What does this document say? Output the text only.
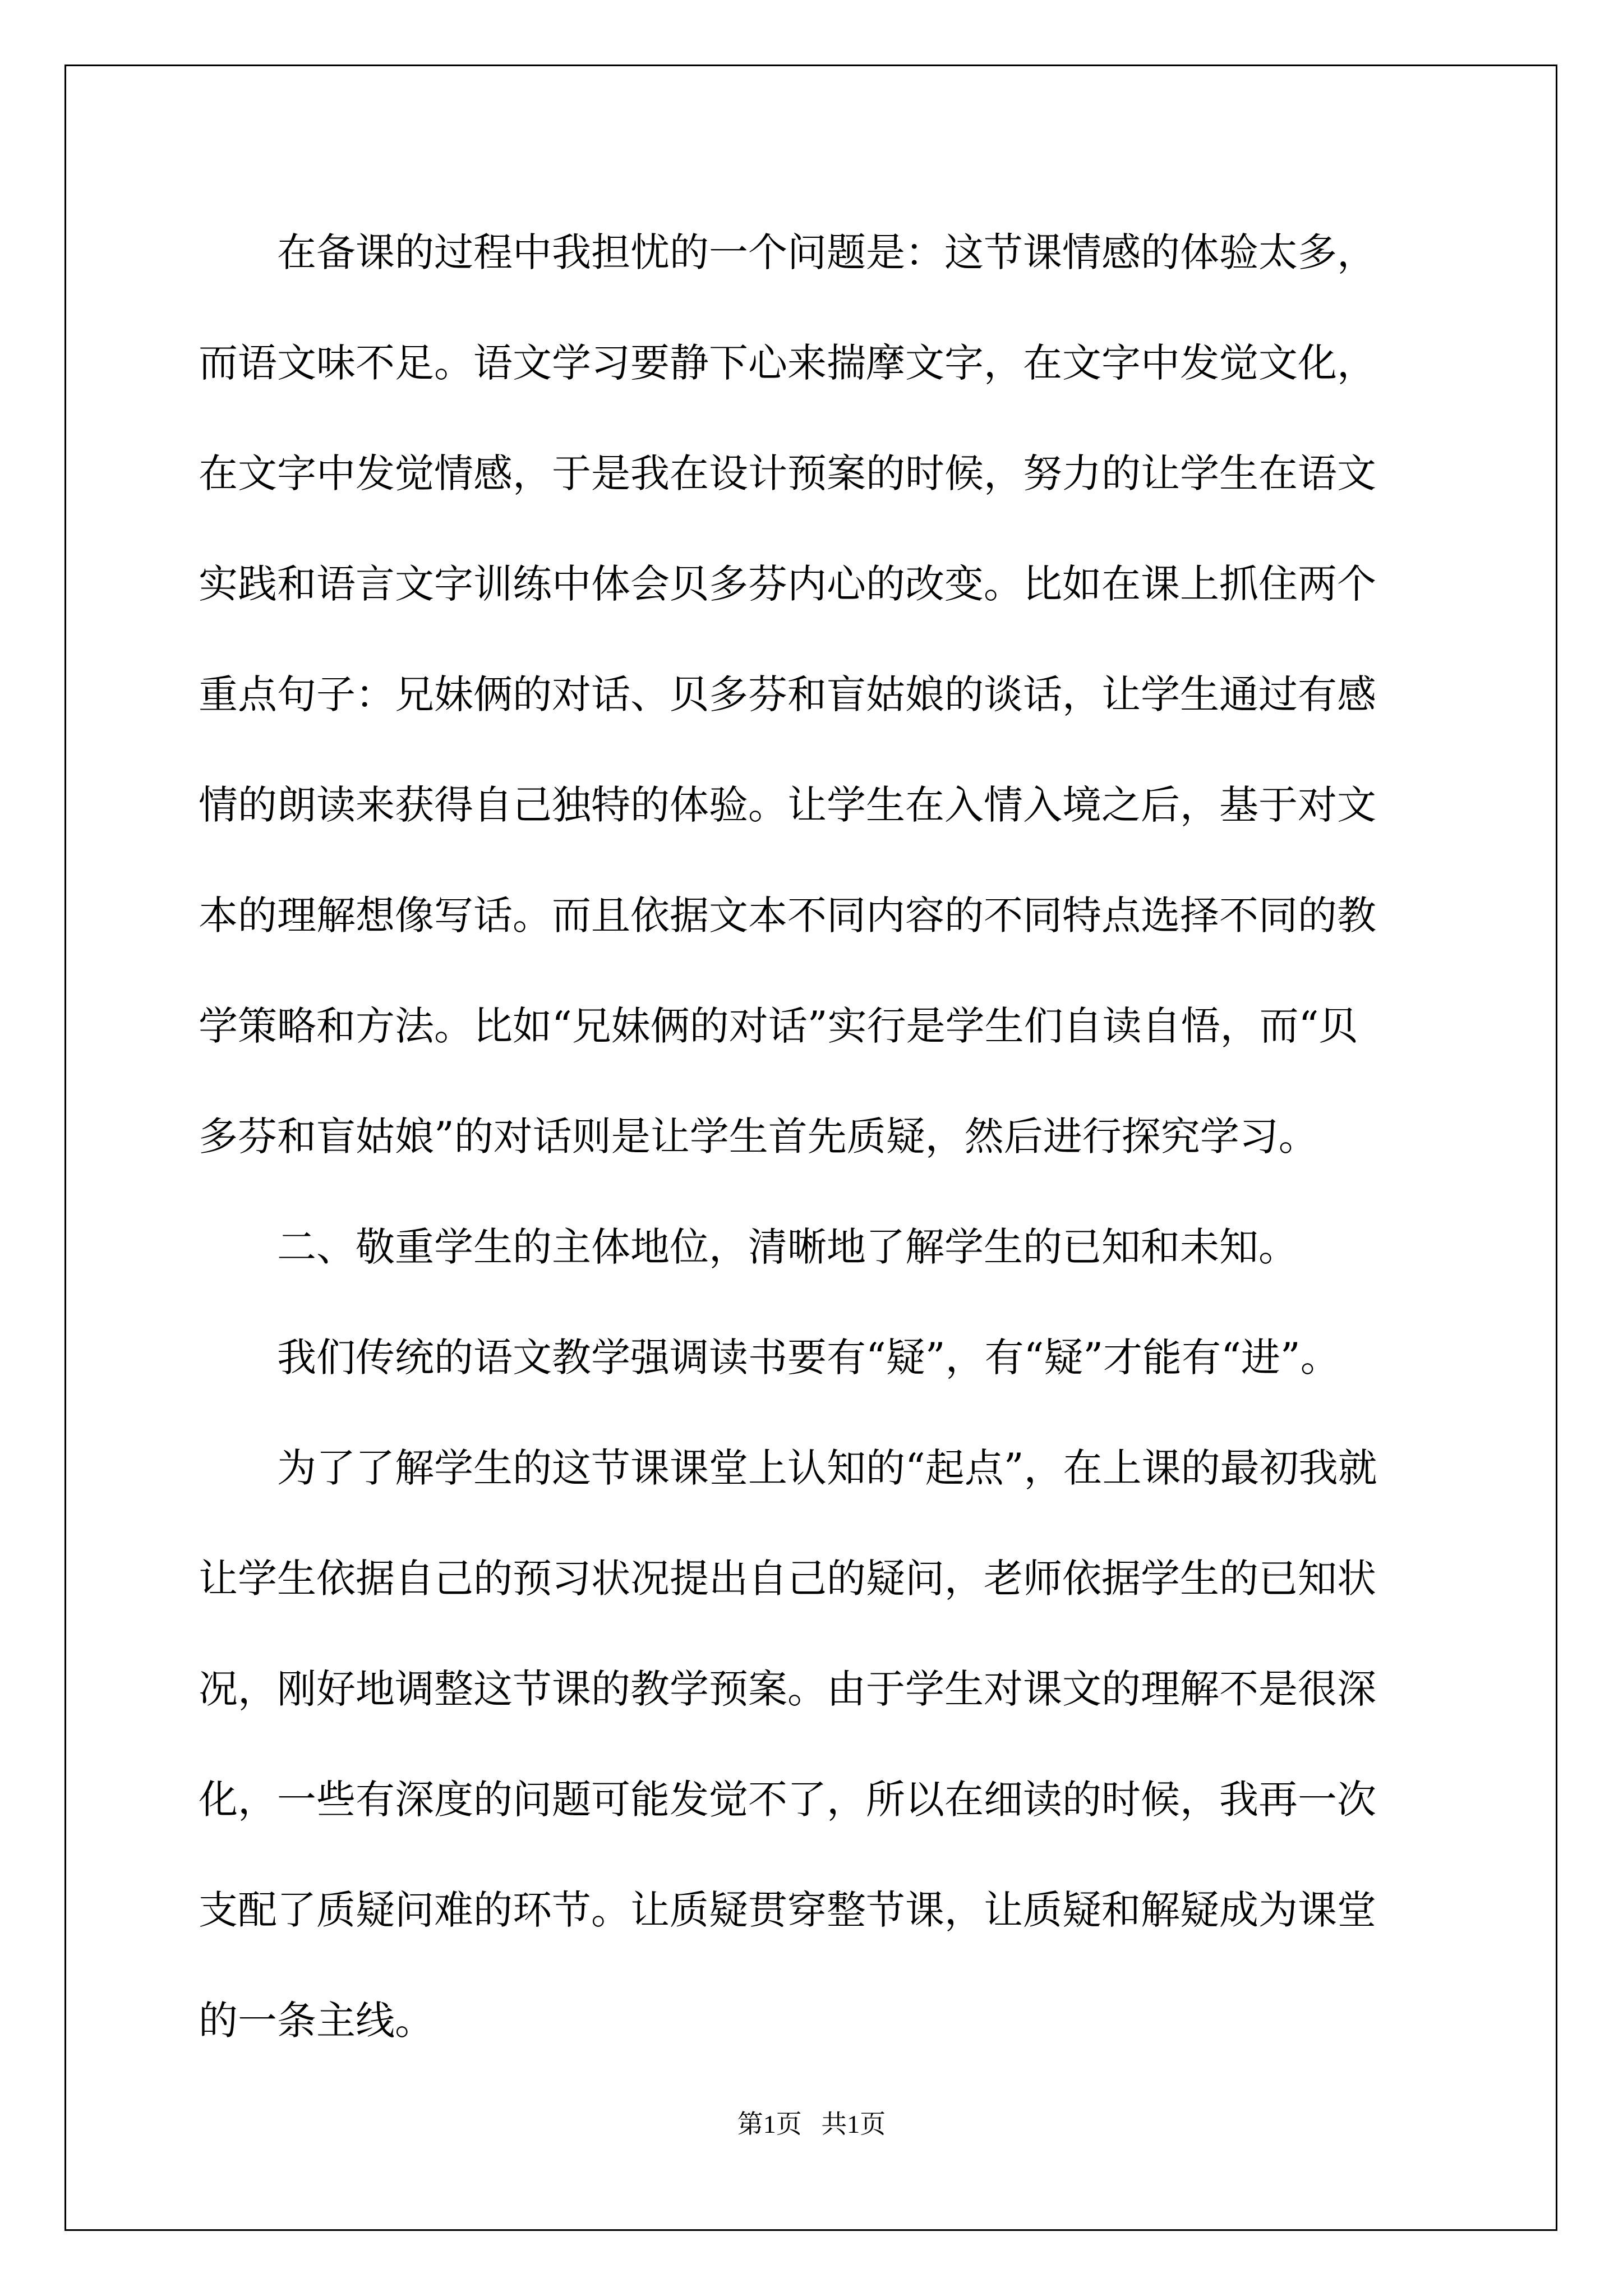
在备课的过程中我担忧的一个问题是：这节课情感的体验太多，
而语文味不足。语文学习要静下心来揣摩文字，在文字中发觉文化，
在文字中发觉情感，于是我在设计预案的时候，努力的让学生在语文
实践和语言文字训练中体会贝多芬内心的改变。比如在课上抓住两个
重点句子：兄妹俩的对话、贝多芬和盲姑娘的谈话，让学生通过有感
情的朗读来获得自己独特的体验。让学生在入情入境之后，基于对文
本的理解想像写话。而且依据文本不同内容的不同特点选择不同的教
学策略和方法。比如“兄妹俩的对话”实行是学生们自读自悟，而“贝
多芬和盲姑娘”的对话则是让学生首先质疑，然后进行探究学习。
二、敬重学生的主体地位，清晰地了解学生的已知和未知。
我们传统的语文教学强调读书要有“疑”，有“疑”才能有“进”。
为了了解学生的这节课课堂上认知的“起点”，在上课的最初我就
让学生依据自己的预习状况提出自己的疑问，老师依据学生的已知状
况，刚好地调整这节课的教学预案。由于学生对课文的理解不是很深
化，一些有深度的问题可能发觉不了，所以在细读的时候，我再一次
支配了质疑问难的环节。让质疑贯穿整节课，让质疑和解疑成为课堂
的一条主线。
第1页   共1页
